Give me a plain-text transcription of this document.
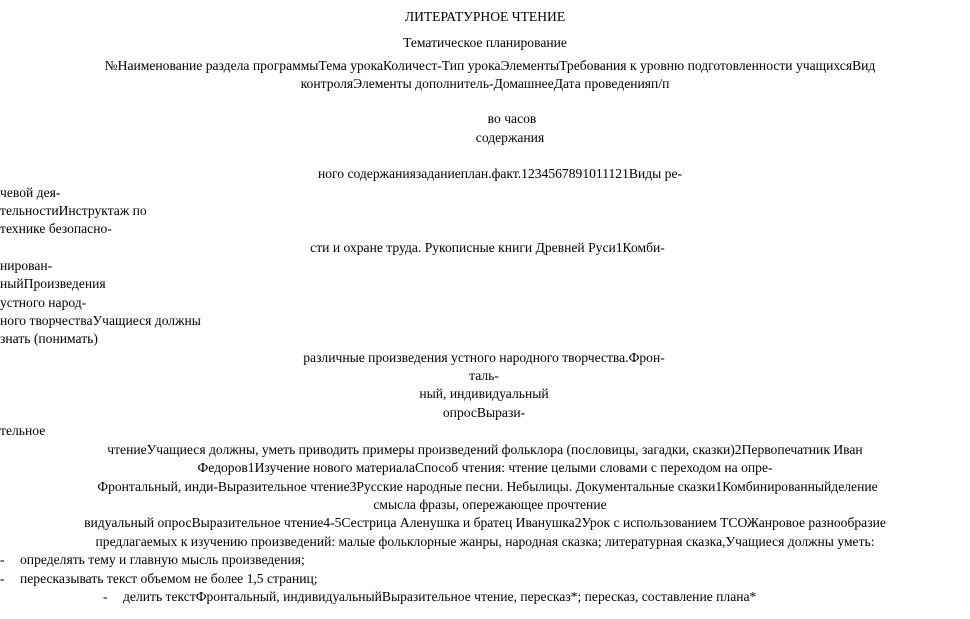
ЛИТЕРАТУРНОЕ ЧТЕНИЕ
Тематическое планирование
№Наименование раздела программыТема урокаКоличест-Тип урокаЭлементыТребования к уровню подготовленности учащихсяВид
контроляЭлементы дополнитель-ДомашнееДата проведенияп/п
во часов
содержания
ного содержаниязаданиеплан.факт.1234567891011121Виды ре-
чевой дея-
тельностиИнструктаж по
технике безопасно-
сти и охране труда. Рукописные книги Древней Руси1Комби-
нирован-
ныйПроизведения
устного народ-
ного творчестваУчащиеся должны
знать (понимать)
различные произведения устного народного творчества.Фрон-
таль-
ный, индивидуальный
опросВырази-
тельное
чтениеУчащиеся должны, уметь приводить примеры произведений фольклора (пословицы, загадки, сказки)2Первопечатник Иван
Федоров1Изучение нового материалаСпособ чтения: чтение целыми словами с переходом на опре-
Фронтальный, инди-Выразительное чтение3Русские народные песни. Небылицы. Документальные сказки1Комбинированныйделение
смысла фразы, опережающее прочтение
видуальный опросВыразительное чтение4-5Сестрица Аленушка и братец Иванушка2Урок с использованием ТСОЖанровое разнообразие
предлагаемых к изучению произведений: малые фольклорные жанры, народная сказка; литературная сказка,Учащиеся должны уметь:
- определять тему и главную мысль произведения;
- пересказывать текст объемом не более 1,5 страниц;
- делить текстФронтальный, индивидуальныйВыразительное чтение, пересказ*; пересказ, составление плана*
